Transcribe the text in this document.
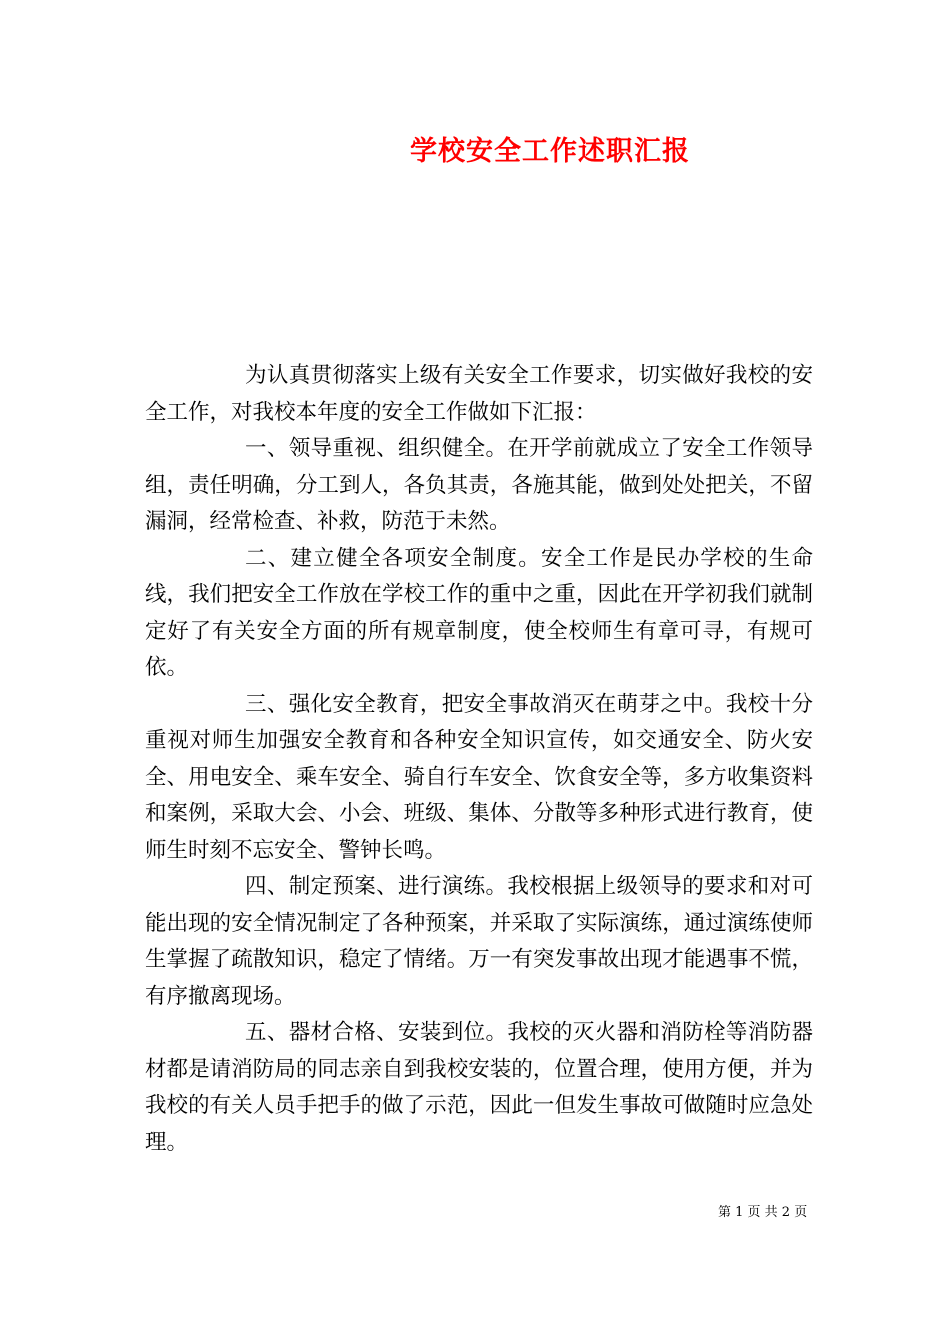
学校安全工作述职汇报

为认真贯彻落实上级有关安全工作要求，切实做好我校的安全工作，对我校本年度的安全工作做如下汇报：

一、领导重视、组织健全。在开学前就成立了安全工作领导组，责任明确，分工到人，各负其责，各施其能，做到处处把关，不留漏洞，经常检查、补救，防范于未然。

二、建立健全各项安全制度。安全工作是民办学校的生命线，我们把安全工作放在学校工作的重中之重，因此在开学初我们就制定好了有关安全方面的所有规章制度，使全校师生有章可寻，有规可依。

三、强化安全教育，把安全事故消灭在萌芽之中。我校十分重视对师生加强安全教育和各种安全知识宣传，如交通安全、防火安全、用电安全、乘车安全、骑自行车安全、饮食安全等，多方收集资料和案例，采取大会、小会、班级、集体、分散等多种形式进行教育，使师生时刻不忘安全、警钟长鸣。

四、制定预案、进行演练。我校根据上级领导的要求和对可能出现的安全情况制定了各种预案，并采取了实际演练，通过演练使师生掌握了疏散知识，稳定了情绪。万一有突发事故出现才能遇事不慌，有序撤离现场。

五、器材合格、安装到位。我校的灭火器和消防栓等消防器材都是请消防局的同志亲自到我校安装的，位置合理，使用方便，并为我校的有关人员手把手的做了示范，因此一但发生事故可做随时应急处理。

第 1 页 共 2 页
